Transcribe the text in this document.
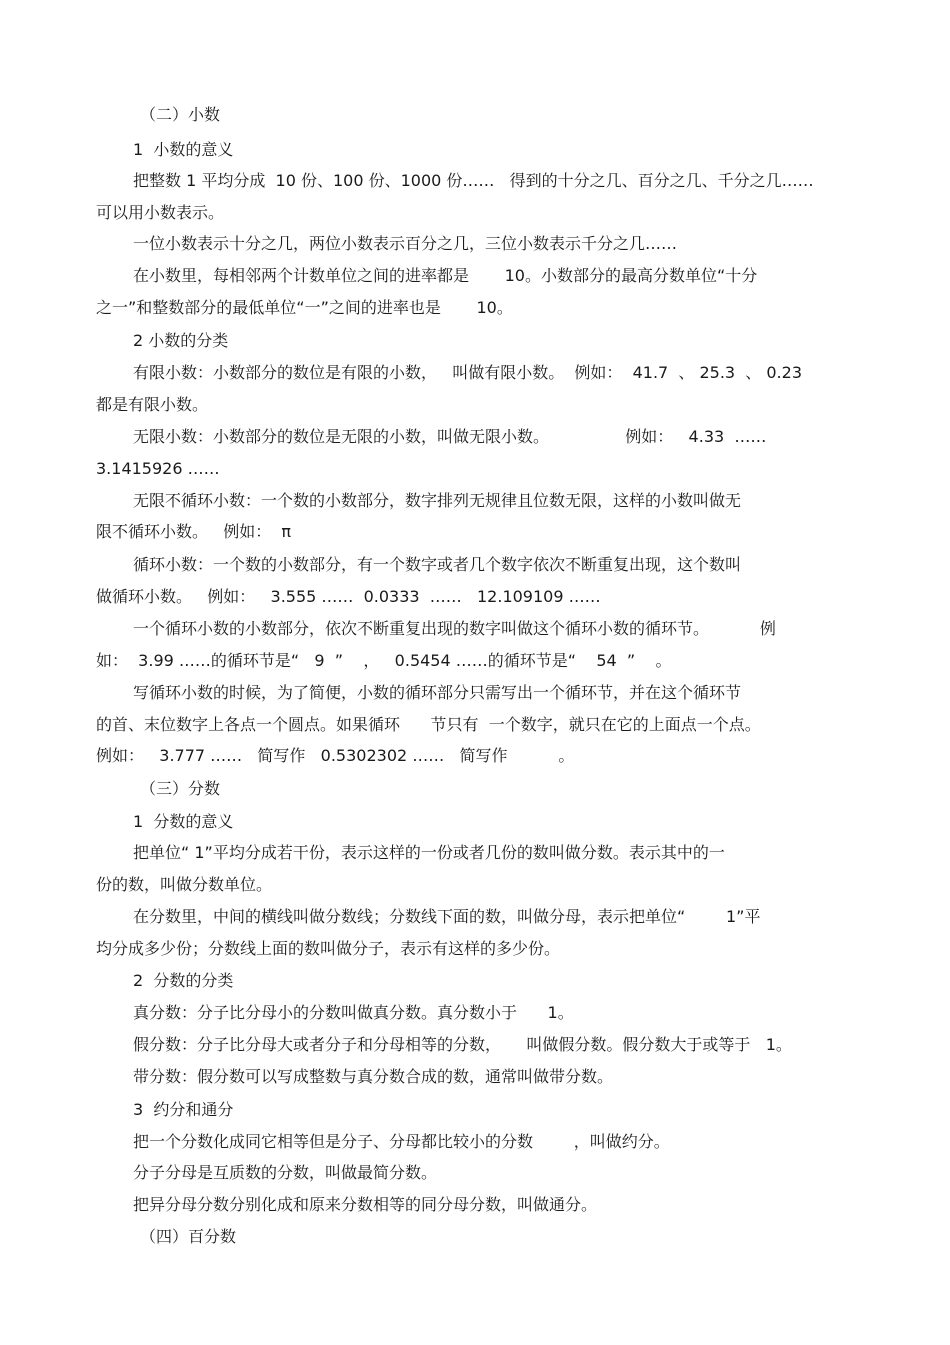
（二）小数
1  小数的意义
把整数 1 平均分成  10 份、100 份、1000 份……   得到的十分之几、百分之几、千分之几……
可以用小数表示。
一位小数表示十分之几，两位小数表示百分之几，三位小数表示千分之几……
在小数里，每相邻两个计数单位之间的进率都是       10。小数部分的最高分数单位“十分
之一”和整数部分的最低单位“一”之间的进率也是       10。
2 小数的分类
有限小数：小数部分的数位是有限的小数，   叫做有限小数。  例如：  41.7  、 25.3  、 0.23
都是有限小数。
无限小数：小数部分的数位是无限的小数，叫做无限小数。               例如：   4.33  ……
3.1415926 ……
无限不循环小数：一个数的小数部分，数字排列无规律且位数无限，这样的小数叫做无
限不循环小数。   例如：  π
循环小数：一个数的小数部分，有一个数字或者几个数字依次不断重复出现，这个数叫
做循环小数。   例如：   3.555 ……  0.0333  ……   12.109109 ……
一个循环小数的小数部分，依次不断重复出现的数字叫做这个循环小数的循环节。          例
如：  3.99 ……的循环节是“   9  ”    ，   0.5454 ……的循环节是“    54  ”    。
写循环小数的时候，为了简便，小数的循环部分只需写出一个循环节，并在这个循环节
的首、末位数字上各点一个圆点。如果循环      节只有  一个数字，就只在它的上面点一个点。
例如：   3.777 ……   简写作   0.5302302 ……   简写作          。
（三）分数
1  分数的意义
把单位“ 1”平均分成若干份，表示这样的一份或者几份的数叫做分数。表示其中的一
份的数，叫做分数单位。
在分数里，中间的横线叫做分数线；分数线下面的数，叫做分母，表示把单位“        1”平
均分成多少份；分数线上面的数叫做分子，表示有这样的多少份。
2  分数的分类
真分数：分子比分母小的分数叫做真分数。真分数小于      1。
假分数：分子比分母大或者分子和分母相等的分数，     叫做假分数。假分数大于或等于   1。
带分数：假分数可以写成整数与真分数合成的数，通常叫做带分数。
3  约分和通分
把一个分数化成同它相等但是分子、分母都比较小的分数        ，叫做约分。
分子分母是互质数的分数，叫做最简分数。
把异分母分数分别化成和原来分数相等的同分母分数，叫做通分。
（四）百分数
